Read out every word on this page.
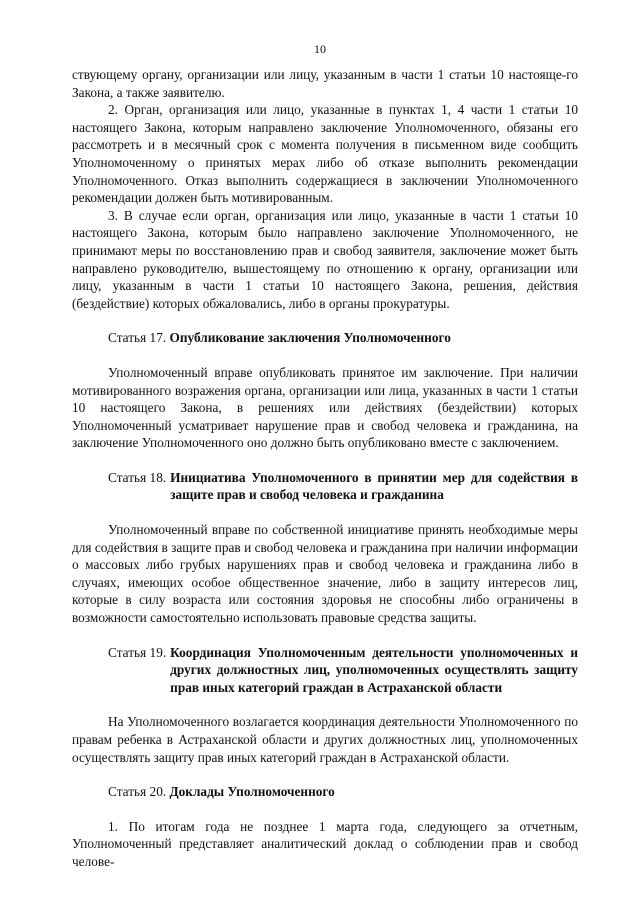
10

ствующему органу, организации или лицу, указанным в части 1 статьи 10 настояще-го Закона, а также заявителю.

2. Орган, организация или лицо, указанные в пунктах 1, 4 части 1 статьи 10 настоящего Закона, которым направлено заключение Уполномоченного, обязаны его рассмотреть и в месячный срок с момента получения в письменном виде сообщить Уполномоченному о принятых мерах либо об отказе выполнить рекомендации Уполномоченного. Отказ выполнить содержащиеся в заключении Уполномоченного рекомендации должен быть мотивированным.

3. В случае если орган, организация или лицо, указанные в части 1 статьи 10 настоящего Закона, которым было направлено заключение Уполномоченного, не принимают меры по восстановлению прав и свобод заявителя, заключение может быть направлено руководителю, вышестоящему по отношению к органу, организации или лицу, указанным в части 1 статьи 10 настоящего Закона, решения, действия (бездействие) которых обжаловались, либо в органы прокуратуры.

Статья 17. Опубликование заключения Уполномоченного

Уполномоченный вправе опубликовать принятое им заключение. При наличии мотивированного возражения органа, организации или лица, указанных в части 1 статьи 10 настоящего Закона, в решениях или действиях (бездействии) которых Уполномоченный усматривает нарушение прав и свобод человека и гражданина, на заключение Уполномоченного оно должно быть опубликовано вместе с заключением.

Статья 18. Инициатива Уполномоченного в принятии мер для содействия в защите прав и свобод человека и гражданина

Уполномоченный вправе по собственной инициативе принять необходимые меры для содействия в защите прав и свобод человека и гражданина при наличии информации о массовых либо грубых нарушениях прав и свобод человека и гражданина либо в случаях, имеющих особое общественное значение, либо в защиту интересов лиц, которые в силу возраста или состояния здоровья не способны либо ограничены в возможности самостоятельно использовать правовые средства защиты.

Статья 19. Координация Уполномоченным деятельности уполномоченных и других должностных лиц, уполномоченных осуществлять защиту прав иных категорий граждан в Астраханской области

На Уполномоченного возлагается координация деятельности Уполномоченного по правам ребенка в Астраханской области и других должностных лиц, уполномоченных осуществлять защиту прав иных категорий граждан в Астраханской области.

Статья 20. Доклады Уполномоченного

1. По итогам года не позднее 1 марта года, следующего за отчетным, Уполномоченный представляет аналитический доклад о соблюдении прав и свобод челове-
